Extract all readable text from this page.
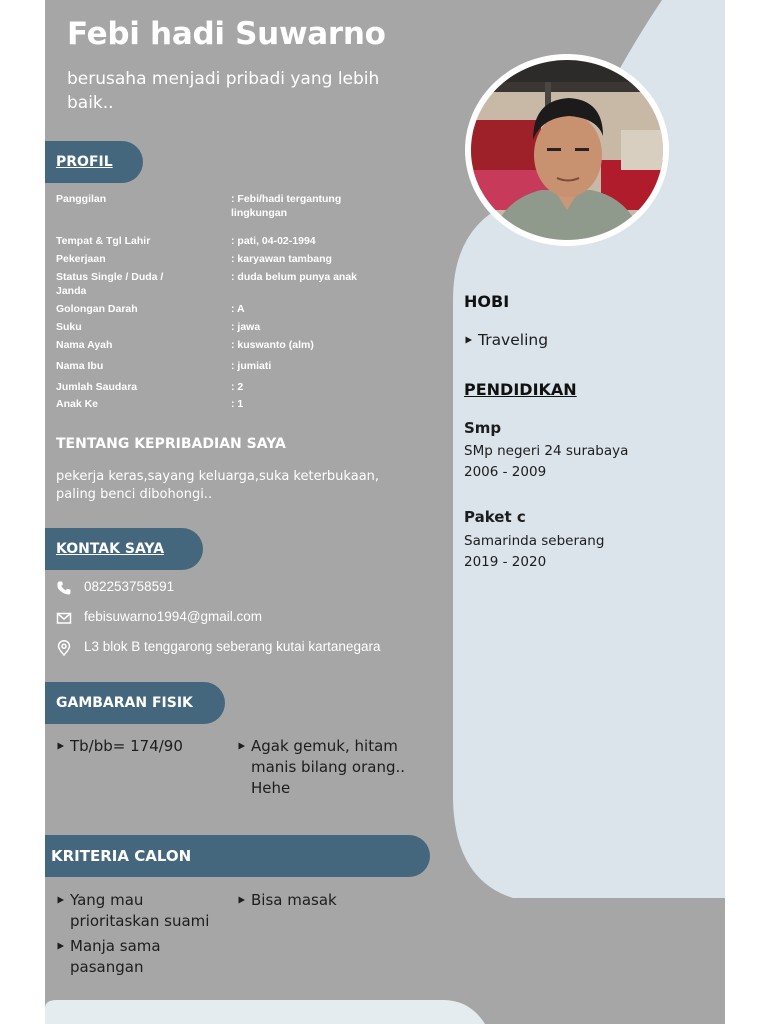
Febi hadi Suwarno

berusaha menjadi pribadi yang lebih baik..

PROFIL
Panggilan	: Febi/hadi tergantung lingkungan
Tempat & Tgl Lahir	: pati, 04-02-1994
Pekerjaan	: karyawan tambang
Status Single / Duda / Janda
: duda belum punya anak
Golongan Darah	: A
Suku	: jawa
Nama Ayah	: kuswanto (alm)
Nama Ibu	: jumiati
Jumlah Saudara	: 2
Anak Ke	: 1
TENTANG KEPRIBADIAN SAYA

pekerja keras,sayang keluarga,suka keterbukaan, paling benci dibohongi..

KONTAK SAYA
082253758591
febisuwarno1994@gmail.com
L3 blok B tenggarong seberang kutai kartanegara
GAMBARAN FISIK
Tb/bb= 174/90	Agak gemuk, hitam manis bilang orang.. Hehe
KRITERIA CALON
Yang mau prioritaskan suami
Bisa masak
Manja sama pasangan
HOBI
Traveling
PENDIDIKAN
Smp
SMp negeri 24 surabaya
2006 - 2009
Paket c
Samarinda seberang
2019 - 2020
